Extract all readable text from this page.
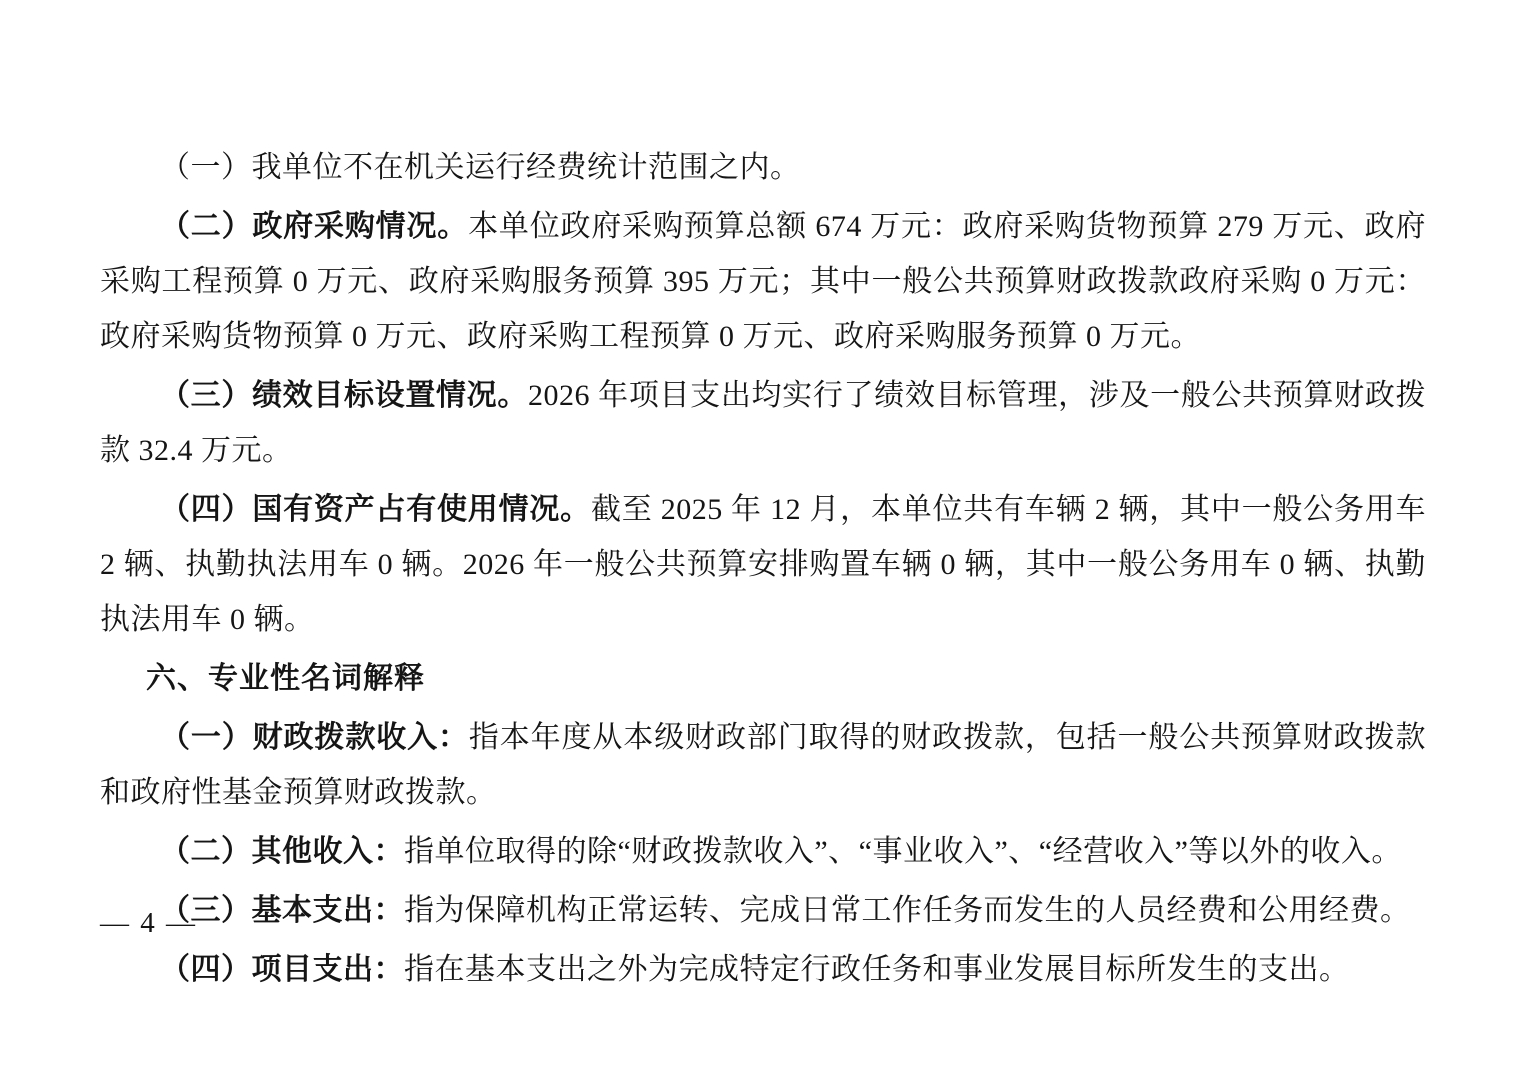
（一）我单位不在机关运行经费统计范围之内。

（二）政府采购情况。本单位政府采购预算总额 674 万元：政府采购货物预算 279 万元、政府采购工程预算 0 万元、政府采购服务预算 395 万元；其中一般公共预算财政拨款政府采购 0 万元：政府采购货物预算 0 万元、政府采购工程预算 0 万元、政府采购服务预算 0 万元。

（三）绩效目标设置情况。2026 年项目支出均实行了绩效目标管理，涉及一般公共预算财政拨款 32.4 万元。

（四）国有资产占有使用情况。截至 2025 年 12 月，本单位共有车辆 2 辆，其中一般公务用车 2 辆、执勤执法用车 0 辆。2026 年一般公共预算安排购置车辆 0 辆，其中一般公务用车 0 辆、执勤执法用车 0 辆。

六、专业性名词解释

（一）财政拨款收入：指本年度从本级财政部门取得的财政拨款，包括一般公共预算财政拨款和政府性基金预算财政拨款。

（二）其他收入：指单位取得的除“财政拨款收入”、“事业收入”、“经营收入”等以外的收入。

（三）基本支出：指为保障机构正常运转、完成日常工作任务而发生的人员经费和公用经费。

（四）项目支出：指在基本支出之外为完成特定行政任务和事业发展目标所发生的支出。

— 4 —
